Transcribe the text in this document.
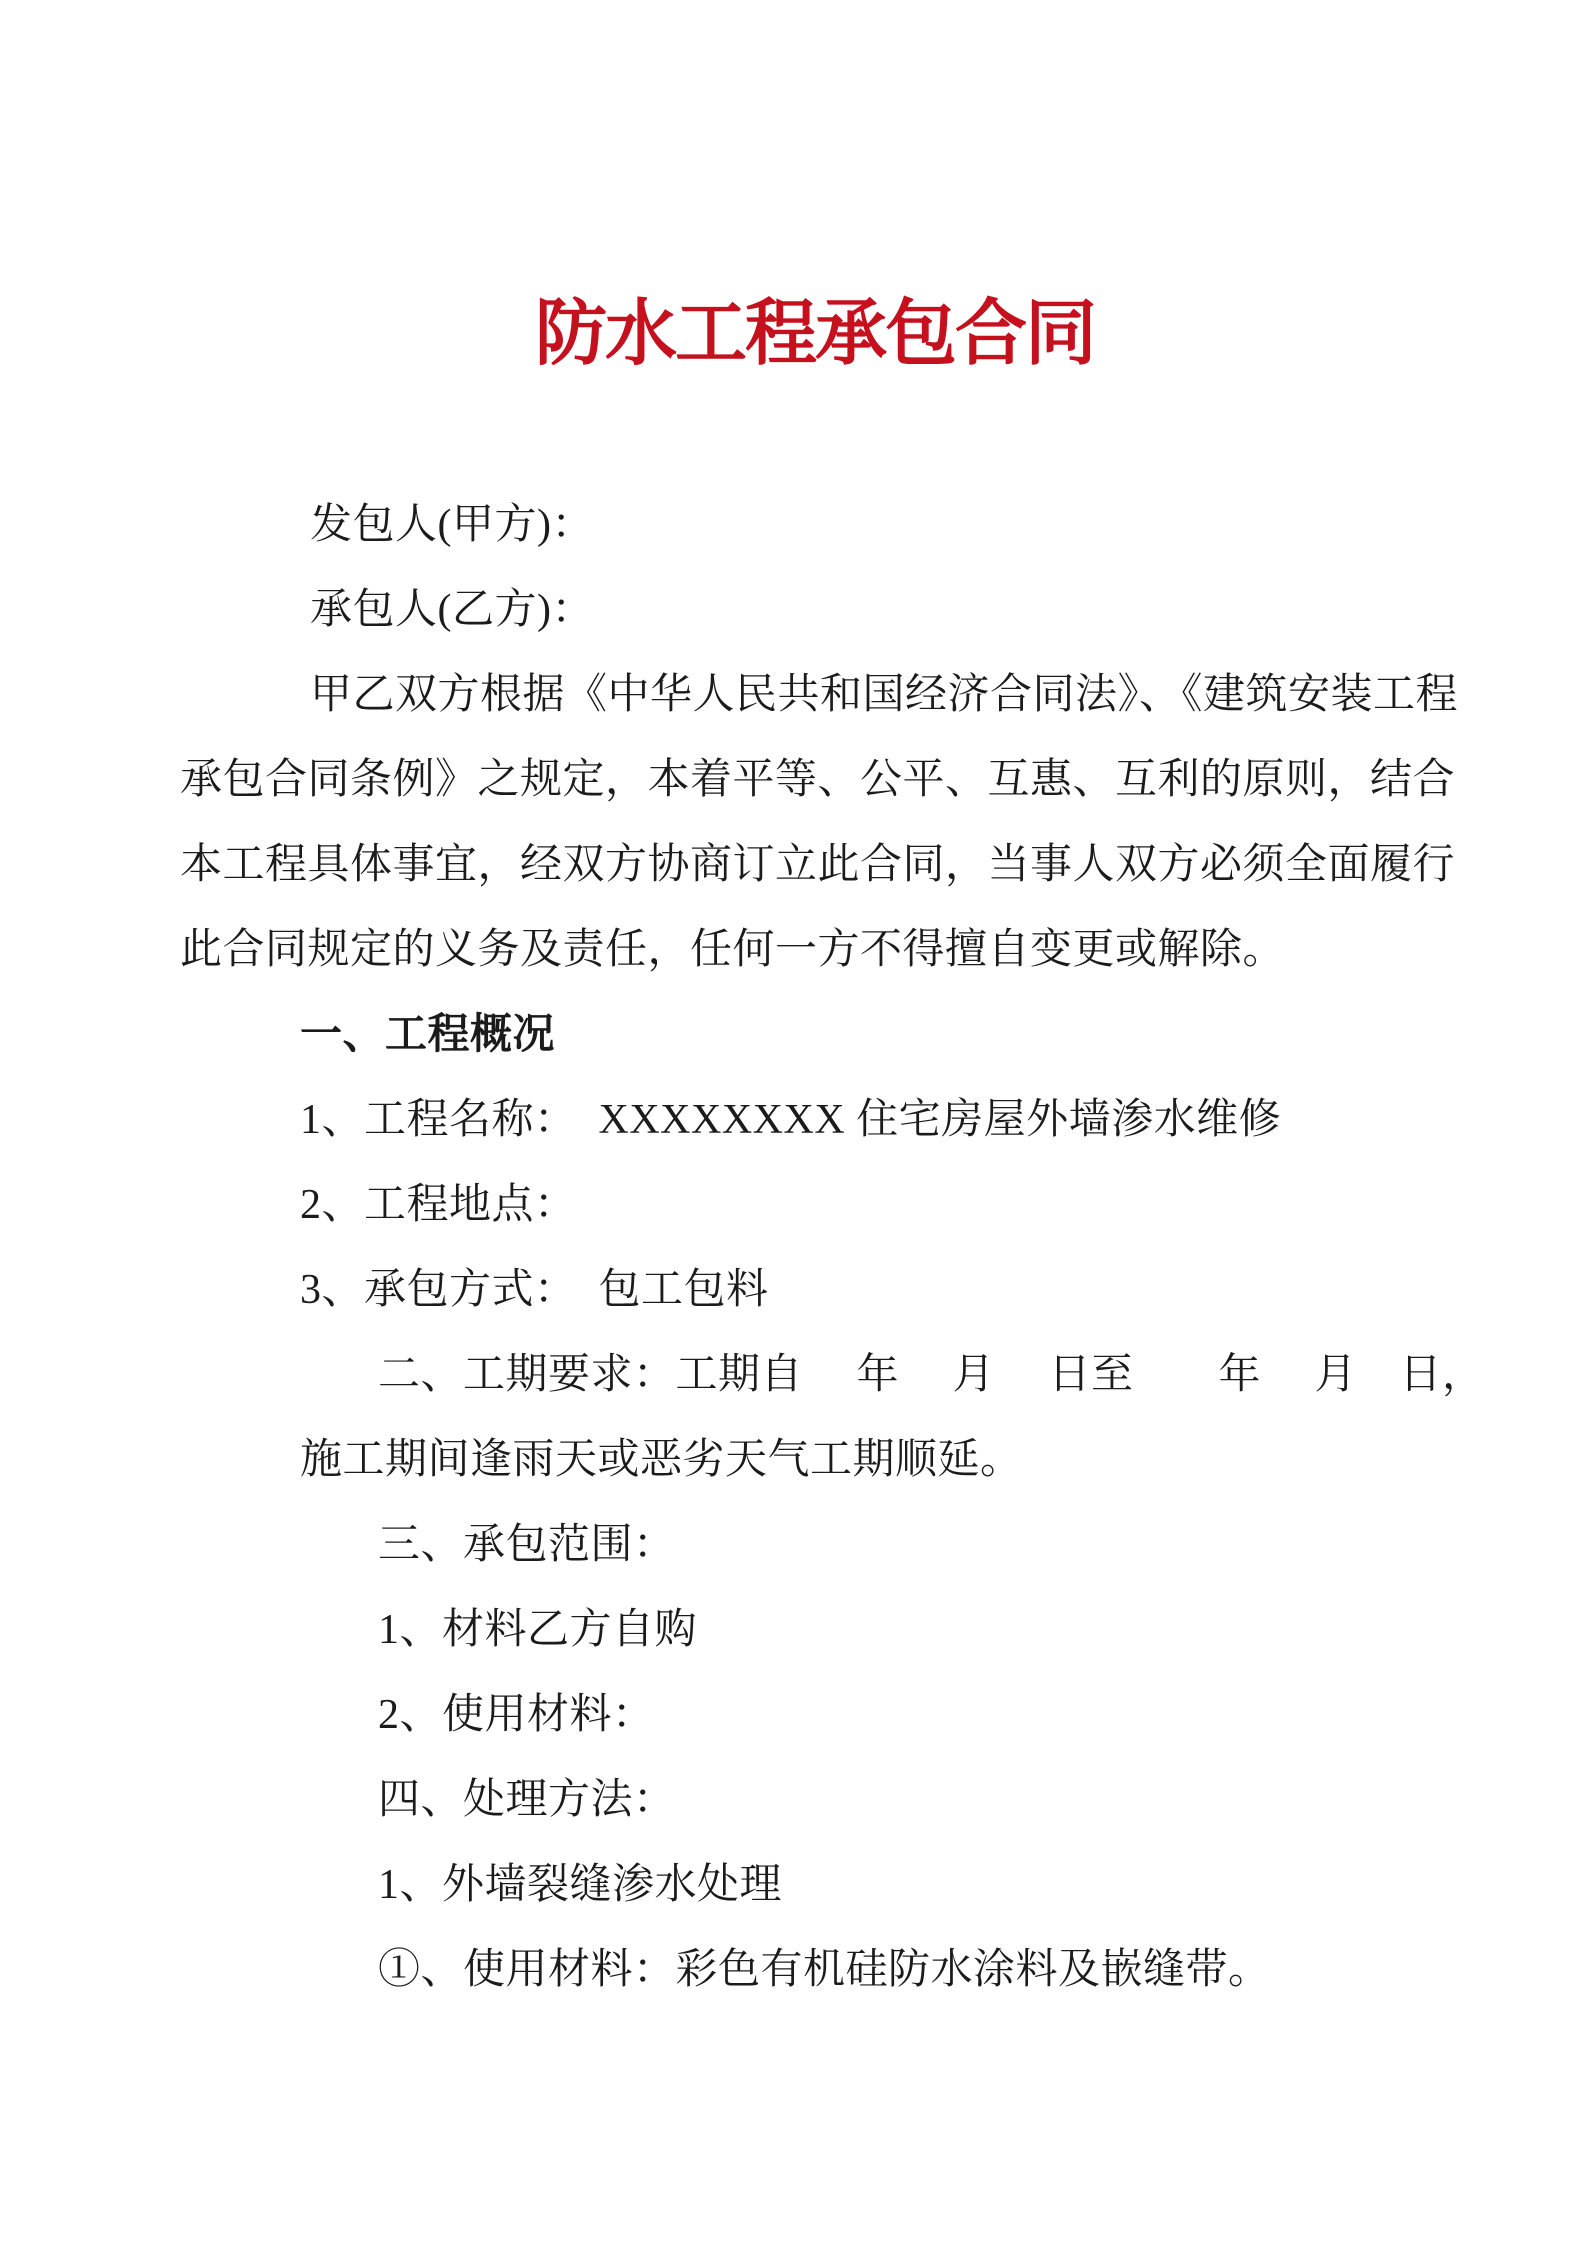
防水工程承包合同
发包人(甲方)：
承包人(乙方)：
甲乙双方根据《中华人民共和国经济合同法》、《建筑安装工程
承包合同条例》之规定，本着平等、公平、互惠、互利的原则，结合
本工程具体事宜，经双方协商订立此合同，当事人双方必须全面履行
此合同规定的义务及责任，任何一方不得擅自变更或解除。
一、工程概况
1、工程名称：  XXXXXXXX 住宅房屋外墙渗水维修
2、工程地点：
3、承包方式：  包工包料
二、工期要求：工期自　 年　 月　 日至　　年　 月　日，
施工期间逢雨天或恶劣天气工期顺延。
三、承包范围：
1、材料乙方自购
2、使用材料：
四、处理方法：
1、外墙裂缝渗水处理
①、使用材料：彩色有机硅防水涂料及嵌缝带。
